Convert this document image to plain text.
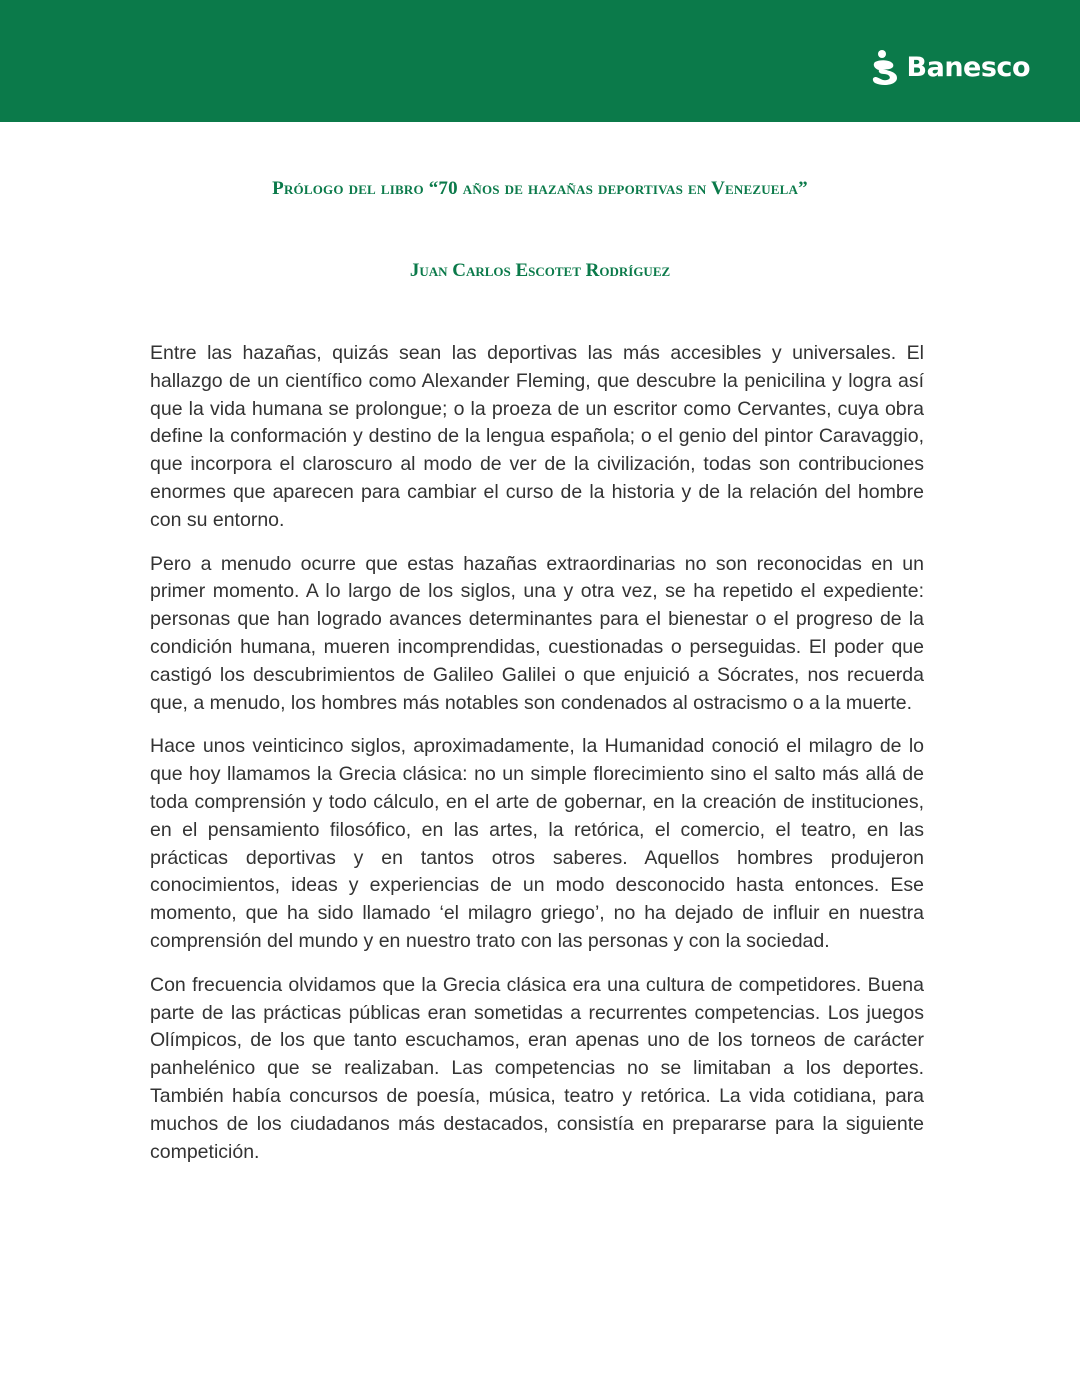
Banesco
Prólogo del libro “70 años de hazañas deportivas en Venezuela”
Juan Carlos Escotet Rodríguez

Entre las hazañas, quizás sean las deportivas las más accesibles y universales. El hallazgo de un científico como Alexander Fleming, que descubre la penicilina y logra así que la vida humana se prolongue; o la proeza de un escritor como Cervantes, cuya obra define la conformación y destino de la lengua española; o el genio del pintor Caravaggio, que incorpora el claroscuro al modo de ver de la civilización, todas son contribuciones enormes que aparecen para cambiar el curso de la historia y de la relación del hombre con su entorno.

Pero a menudo ocurre que estas hazañas extraordinarias no son reconocidas en un primer momento. A lo largo de los siglos, una y otra vez, se ha repetido el expediente: personas que han logrado avances determinantes para el bienestar o el progreso de la condición humana, mueren incomprendidas, cuestionadas o perseguidas. El poder que castigó los descubrimientos de Galileo Galilei o que enjuició a Sócrates, nos recuerda que, a menudo, los hombres más notables son condenados al ostracismo o a la muerte.

Hace unos veinticinco siglos, aproximadamente, la Humanidad conoció el milagro de lo que hoy llamamos la Grecia clásica: no un simple florecimiento sino el salto más allá de toda comprensión y todo cálculo, en el arte de gobernar, en la creación de instituciones, en el pensamiento filosófico, en las artes, la retórica, el comercio, el teatro, en las prácticas deportivas y en tantos otros saberes. Aquellos hombres produjeron conocimientos, ideas y experiencias de un modo desconocido hasta entonces. Ese momento, que ha sido llamado ‘el milagro griego’, no ha dejado de influir en nuestra comprensión del mundo y en nuestro trato con las personas y con la sociedad.

Con frecuencia olvidamos que la Grecia clásica era una cultura de competidores. Buena parte de las prácticas públicas eran sometidas a recurrentes competencias. Los juegos Olímpicos, de los que tanto escuchamos, eran apenas uno de los torneos de carácter panhelénico que se realizaban. Las competencias no se limitaban a los deportes. También había concursos de poesía, música, teatro y retórica. La vida cotidiana, para muchos de los ciudadanos más destacados, consistía en prepararse para la siguiente competición.
